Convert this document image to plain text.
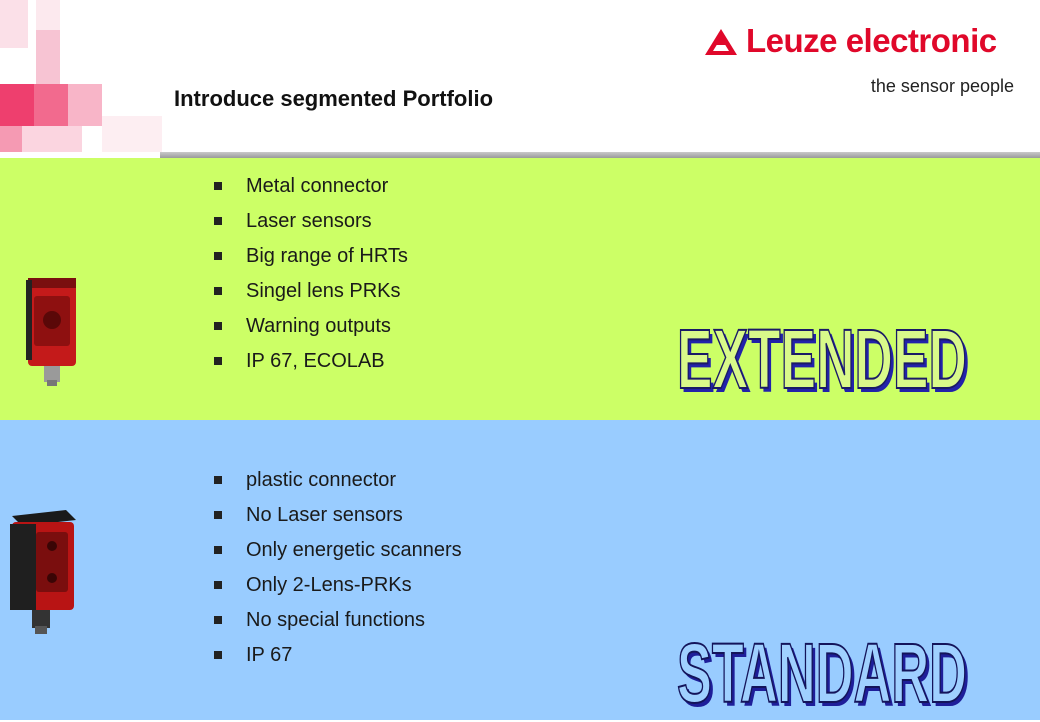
Introduce segmented Portfolio
Leuze electronic
the sensor people
Metal connector
Laser sensors
Big range of HRTs
Singel lens PRKs
Warning outputs
IP 67, ECOLAB	EXTENDED
EXTENDED
plastic connector
No Laser sensors
Only energetic scanners
Only 2-Lens-PRKs
No special functions
IP 67	STANDARD
STANDARD
